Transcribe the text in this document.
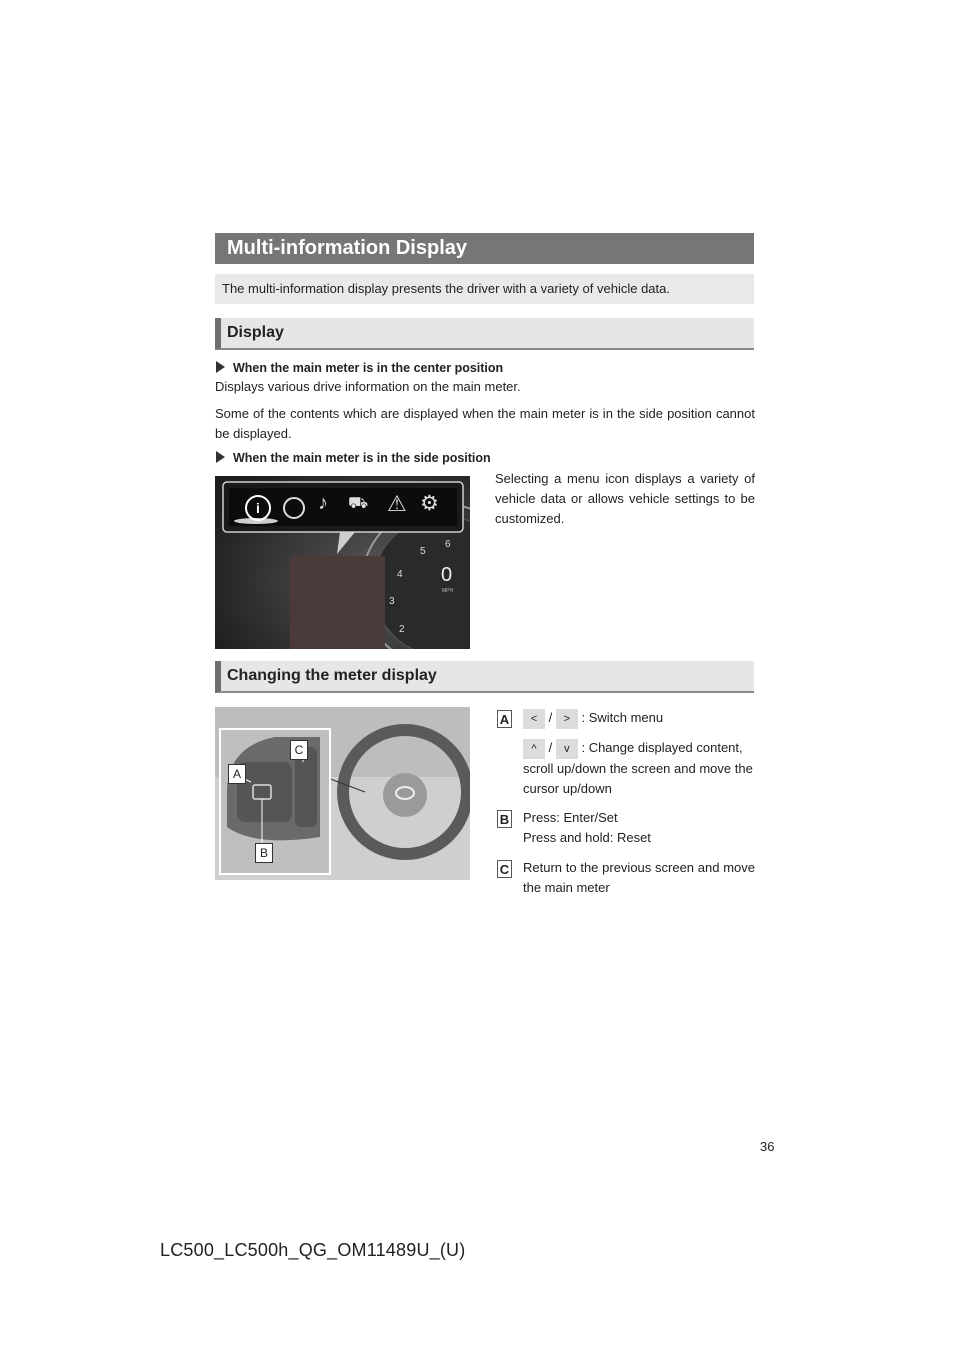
Multi-information Display
The multi-information display presents the driver with a variety of vehicle data.
Display
When the main meter is in the center position
Displays various drive information on the main meter.
Some of the contents which are displayed when the main meter is in the side position cannot be displayed.
When the main meter is in the side position
Selecting a menu icon displays a variety of vehicle data or allows vehicle settings to be customized.
i	♪ ⛟ ⚠ ⚙
6
5
4
3
2
0
MPH
Changing the meter display
A
B
C
A	< / > : Switch menu
^ / v : Change displayed content, scroll up/down the screen and move the cursor up/down
B Press: Enter/Set
Press and hold: Reset
C Return to the previous screen and move the main meter
36
LC500_LC500h_QG_OM11489U_(U)
